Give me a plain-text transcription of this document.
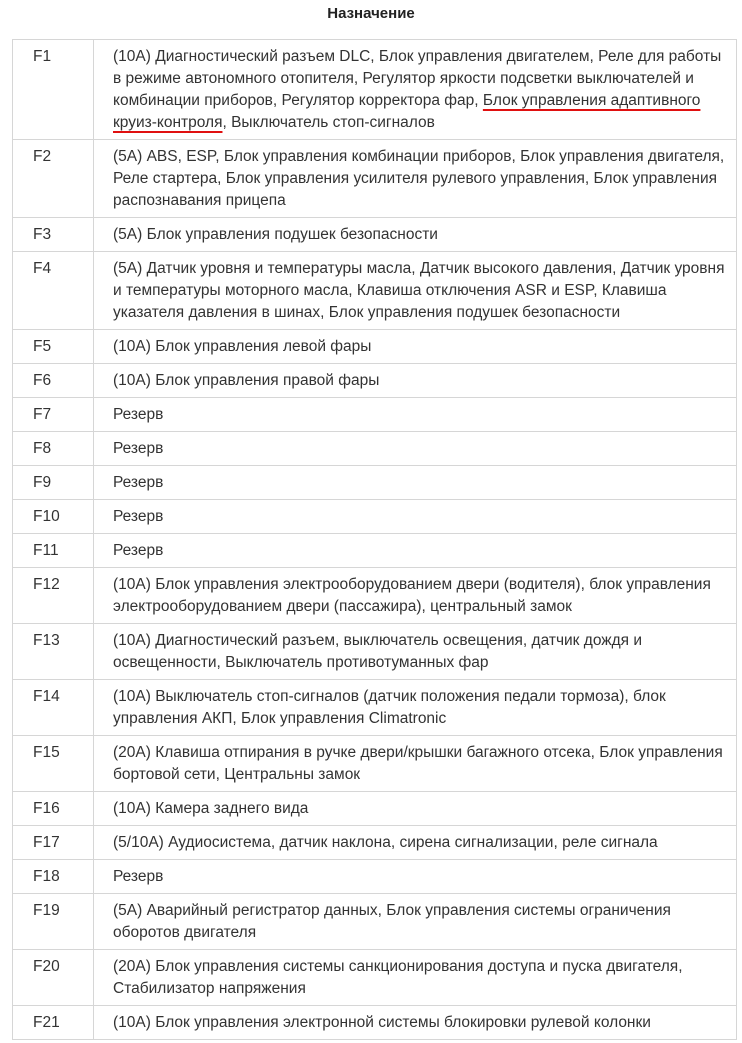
Назначение
F1	(10А) Диагностический разъем DLC, Блок управления двигателем, Реле для работы в режиме автономного отопителя, Регулятор яркости подсветки выключателей и комбинации приборов, Регулятор корректора фар, Блок управления адаптивного круиз-контроля, Выключатель стоп-сигналов
F2	(5А) ABS, ESP, Блок управления комбинации приборов, Блок управления двигателя, Реле стартера, Блок управления усилителя рулевого управления, Блок управления распознавания прицепа
F3	(5А) Блок управления подушек безопасности
F4	(5А) Датчик уровня и температуры масла, Датчик высокого давления, Датчик уровня и температуры моторного масла, Клавиша отключения ASR и ESP, Клавиша указателя давления в шинах, Блок управления подушек безопасности
F5	(10А) Блок управления левой фары
F6	(10А) Блок управления правой фары
F7	Резерв
F8	Резерв
F9	Резерв
F10	Резерв
F11	Резерв
F12	(10А) Блок управления электрооборудованием двери (водителя), блок управления электрооборудованием двери (пассажира), центральный замок
F13	(10А) Диагностический разъем, выключатель освещения, датчик дождя и освещенности, Выключатель противотуманных фар
F14	(10А) Выключатель стоп-сигналов (датчик положения педали тормоза), блок управления АКП, Блок управления Climatronic
F15	(20А) Клавиша отпирания в ручке двери/крышки багажного отсека, Блок управления бортовой сети, Центральны замок
F16	(10А) Камера заднего вида
F17	(5/10А) Аудиосистема, датчик наклона, сирена сигнализации, реле сигнала
F18	Резерв
F19	(5А) Аварийный регистратор данных, Блок управления системы ограничения оборотов двигателя
F20	(20А) Блок управления системы санкционирования доступа и пуска двигателя, Стабилизатор напряжения
F21	(10А) Блок управления электронной системы блокировки рулевой колонки
